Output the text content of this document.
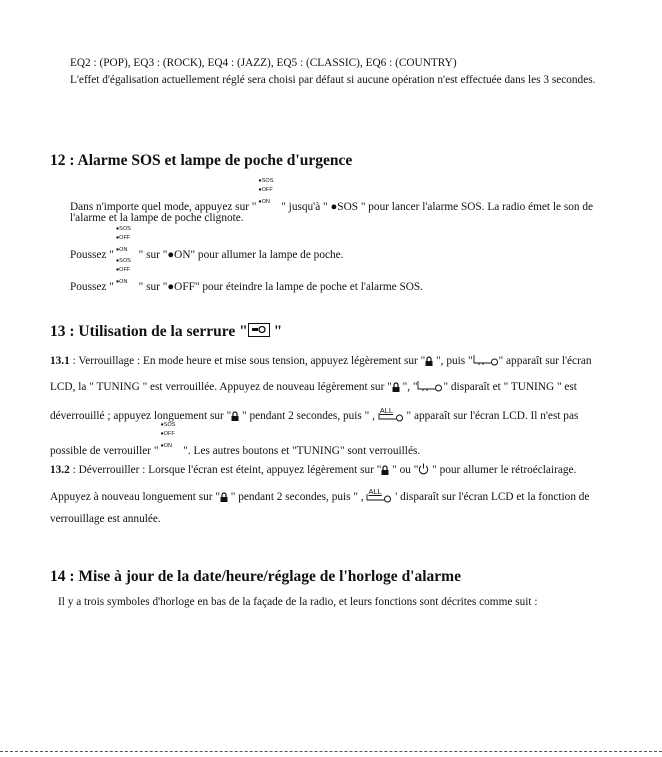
EQ2 : (POP), EQ3 : (ROCK), EQ4 : (JAZZ), EQ5 : (CLASSIC), EQ6 : (COUNTRY)
L'effet d'égalisation actuellement réglé sera choisi par défaut si aucune opération n'est effectuée dans les 3 secondes.
12 : Alarme SOS et lampe de poche d'urgence
Dans n'importe quel mode, appuyez sur "
●SOS
●OFF
●ON " jusqu'à " ●SOS " pour lancer l'alarme SOS. La radio émet le son de
l'alarme et la lampe de poche clignote.
Poussez "
●SOS
●OFF
●ON " sur "●ON" pour allumer la lampe de poche.
Poussez "
●SOS
●OFF
●ON " sur "●OFF" pour éteindre la lampe de poche et l'alarme SOS.
13 : Utilisation de la serrure "
"
13.1 : Verrouillage : En mode heure et mise sous tension, appuyez légèrement sur " ", puis " " apparaît sur l'écran
LCD, la " TUNING " est verrouillée. Appuyez de nouveau légèrement sur " ", " " disparaît et " TUNING " est
déverrouillé ; appuyez longuement sur " " pendant 2 secondes, puis " , ALL " apparaît sur l'écran LCD. Il n'est pas
possible de verrouiller "
●SOS
●OFF
●ON ". Les autres boutons et "TUNING" sont verrouillés.
13.2 : Déverrouiller : Lorsque l'écran est éteint, appuyez légèrement sur " " ou " " pour allumer le rétroéclairage.
Appuyez à nouveau longuement sur " " pendant 2 secondes, puis " , ALL ' disparaît sur l'écran LCD et la fonction de
verrouillage est annulée.
14 : Mise à jour de la date/heure/réglage de l'horloge d'alarme
Il y a trois symboles d'horloge en bas de la façade de la radio, et leurs fonctions sont décrites comme suit :
